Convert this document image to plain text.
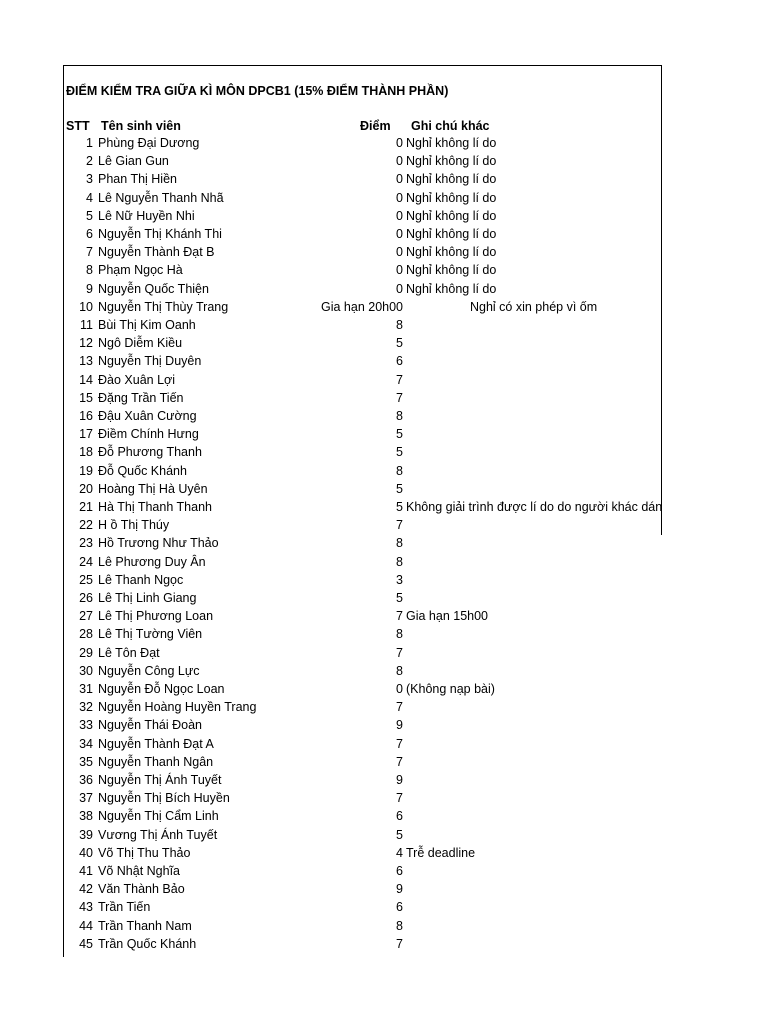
ĐIỂM KIỂM TRA GIỮA KÌ MÔN DPCB1 (15% ĐIỂM THÀNH PHẦN)
STT Tên sinh viên	Điểm Ghi chú khác
1 Phùng Đại Dương	0 Nghỉ không lí do
2 Lê Gian Gun	0 Nghỉ không lí do
3 Phan Thị Hiền	0 Nghỉ không lí do
4 Lê Nguyễn Thanh Nhã	0 Nghỉ không lí do
5 Lê Nữ Huyền Nhi	0 Nghỉ không lí do
6 Nguyễn Thị Khánh Thi	0 Nghỉ không lí do
7 Nguyễn Thành Đạt B	0 Nghỉ không lí do
8 Phạm Ngọc Hà	0 Nghỉ không lí do
9 Nguyễn Quốc Thiện	0 Nghỉ không lí do
10 Nguyễn Thị Thùy Trang	Gia hạn 20h00	Nghỉ có xin phép vì ốm
11 Bùi Thị Kim Oanh	8
12 Ngô Diễm Kiều	5
13 Nguyễn Thị Duyên	6
14 Đào Xuân Lợi	7
15 Đặng Trần Tiến	7
16 Đậu Xuân Cường	8
17 Điềm Chính Hưng	5
18 Đỗ Phương Thanh	5
19 Đỗ Quốc Khánh	8
20 Hoàng Thị Hà Uyên	5
21 Hà Thị Thanh Thanh	5 Không giải trình được lí do do người khác dán
22 H ồ Thị Thúy	7
23 Hồ Trương Như Thảo	8
24 Lê Phương Duy Ân	8
25 Lê Thanh Ngọc	3
26 Lê Thị Linh Giang	5
27 Lê Thị Phương Loan	7 Gia hạn 15h00
28 Lê Thị Tường Viên	8
29 Lê Tôn Đạt	7
30 Nguyễn Công Lực	8
31 Nguyễn Đỗ Ngọc Loan	0 (Không nạp bài)
32 Nguyễn Hoàng Huyền Trang	7
33 Nguyễn Thái Đoàn	9
34 Nguyễn Thành Đạt A	7
35 Nguyễn Thanh Ngân	7
36 Nguyễn Thị Ánh Tuyết	9
37 Nguyễn Thị Bích Huyền	7
38 Nguyễn Thị Cẩm Linh	6
39 Vương Thị Ánh Tuyết	5
40 Võ Thị Thu Thảo	4 Trễ deadline
41 Võ Nhật Nghĩa	6
42 Văn Thành Bảo	9
43 Trần Tiến	6
44 Trần Thanh Nam	8
45 Trần Quốc Khánh	7
